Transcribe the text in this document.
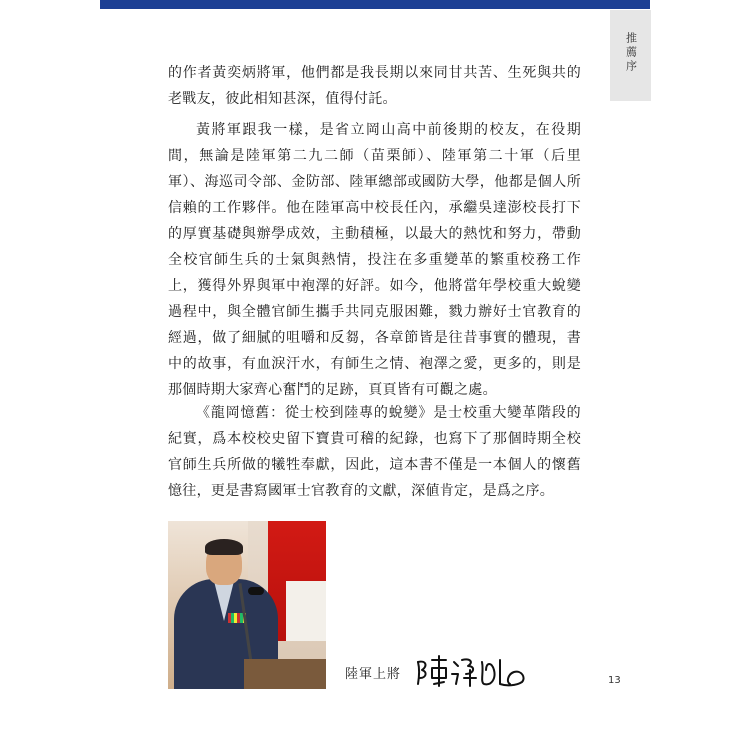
推薦序

的作者黃奕炳將軍，他們都是我長期以來同甘共苦、生死與共的老戰友，彼此相知甚深，值得付託。

黃將軍跟我一樣，是省立岡山高中前後期的校友，在役期間，無論是陸軍第二九二師（苗栗師）、陸軍第二十軍（后里軍）、海巡司令部、金防部、陸軍總部或國防大學，他都是個人所信賴的工作夥伴。他在陸軍高中校長任內，承繼吳達澎校長打下的厚實基礎與辦學成效，主動積極，以最大的熱忱和努力，帶動全校官師生兵的士氣與熱情，投注在多重變革的繁重校務工作上，獲得外界與軍中袍澤的好評。如今，他將當年學校重大蛻變過程中，與全體官師生攜手共同克服困難，戮力辦好士官教育的經過，做了細膩的咀嚼和反芻，各章節皆是往昔事實的體現，書中的故事，有血淚汗水，有師生之情、袍澤之愛，更多的，則是那個時期大家齊心奮鬥的足跡，頁頁皆有可觀之處。

《龍岡憶舊：從士校到陸專的蛻變》是士校重大變革階段的紀實，爲本校校史留下寶貴可稽的紀錄，也寫下了那個時期全校官師生兵所做的犧牲奉獻，因此，這本書不僅是一本個人的懷舊憶往，更是書寫國軍士官教育的文獻，深値肯定，是爲之序。

陸軍上將	13
